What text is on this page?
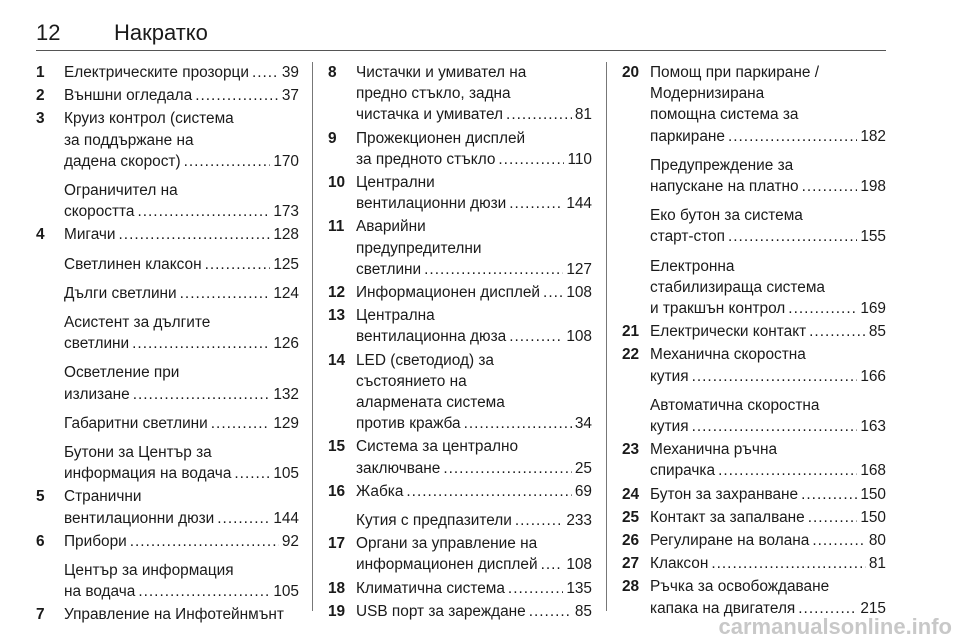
12 Накратко
1 Електрическите прозорци ..... 39
2 Външни огледала .....	37
3 Круиз контрол (система
за поддържане на
дадена скорост) .....	170
Ограничител на
скоростта .....	173
4 Мигачи .....	128
Светлинен клаксон .....	125
Дълги светлини .....	124
Асистент за дългите
светлини .....	126
Осветление при
излизане .....	132
Габаритни светлини .....	129
Бутони за Център за
информация на водача .....	105
5 Странични
вентилационни дюзи .....	144
6 Прибори .....	92
Център за информация
на водача .....	105
7 Управление на Инфотейнмънт
8 Чистачки и умивател на
предно стъкло, задна
чистачка и умивател .....	81
9 Прожекционен дисплей
за предното стъкло .....	110
10 Централни
вентилационни дюзи .....	144
11 Аварийни
предупредителни
светлини .....	127
12 Информационен дисплей ..... 108
13 Централна
вентилационна дюза .....	108
14 LED (светодиод) за
състоянието на
алармената система
против кражба .....	34
15 Система за централно
заключване .....	25
16 Жабка .....	69
Кутия с предпазители .....	233
17 Органи за управление на
информационен дисплей ..... 108
18 Климатична система .....	135
19 USB порт за зареждане .....	85
20 Помощ при паркиране /
Модернизирана
помощна система за
паркиране .....	182
Предупреждение за
напускане на платно .....	198
Еко бутон за система
старт-стоп .....	155
Електронна
стабилизираща система
и тракшън контрол .....	169
21 Електрически контакт .....	85
22 Механична скоростна
кутия .....	166
Автоматична скоростна
кутия .....	163
23 Механична ръчна
спирачка .....	168
24 Бутон за захранване .....	150
25 Контакт за запалване .....	150
26 Регулиране на волана .....	80
27 Клаксон .....	81
28 Ръчка за освобождаване
капака на двигателя .....	215
carmanualsonline.info
